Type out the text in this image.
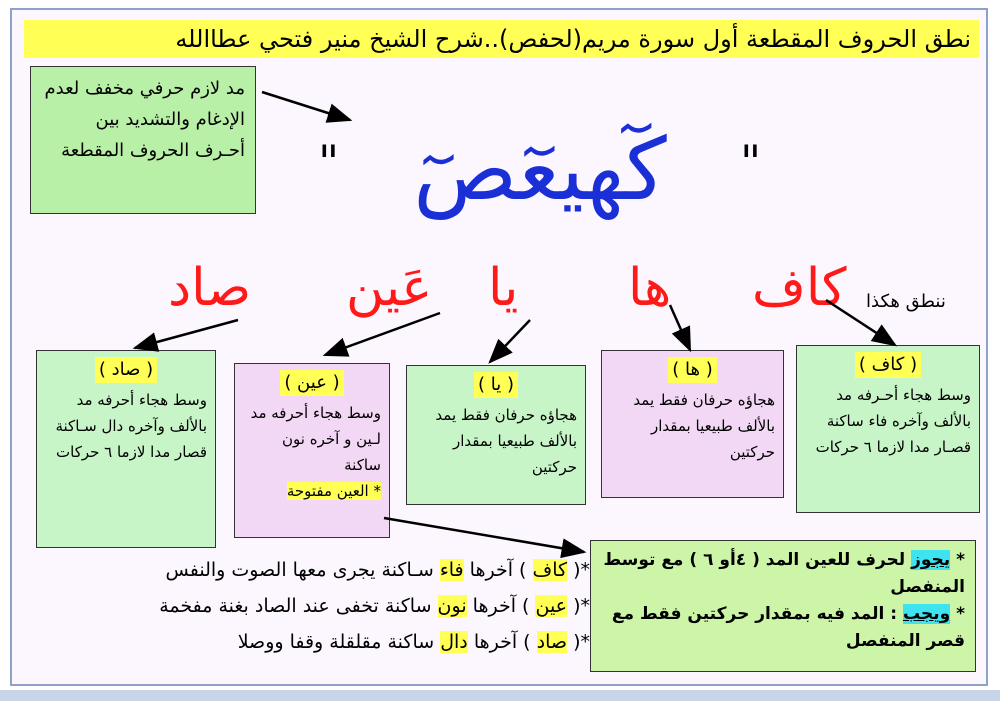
نطق الحروف المقطعة أول سورة مريم(لحفص)..شرح الشيخ منير فتحي عطاالله
مد لازم حرفي مخفف لعدم الإدغام والتشديد بين أحـرف الحروف المقطعة " كٓهيعٓصٓ	"
ننطق هكذا
كاف
ها
يا
عَين
صاد
( كاف )
وسط هجاء أحـرفه مد بالألف وآخره فاء ساكنة قصـار مدا لازما ٦ حركات
( ها )
هجاؤه حرفان فقط يمد بالألف طبيعيا بمقدار حركتين
( يا )
هجاؤه حرفان فقط يمد بالألف طبيعيا بمقدار حركتين
( عين )
وسط هجاء أحرفه مد لـين و آخره نون ساكنة
* العين مفتوحة
( صاد )
وسط هجاء أحرفه مد بالألف وآخره دال سـاكنة قصار مدا لازما ٦ حركات
*( كاف ) آخرها فاء سـاكنة يجرى معها الصوت والنفس
*( عين ) آخرها نون ساكنة تخفى عند الصاد بغنة مفخمة
*( صاد ) آخرها دال ساكنة مقلقلة وقفا ووصلا
* يجوز لحرف للعين المد ( ٤أو ٦ ) مع توسط المنفصل
* ويجب : المد فيه بمقدار حركتين فقط مع قصر المنفصل
